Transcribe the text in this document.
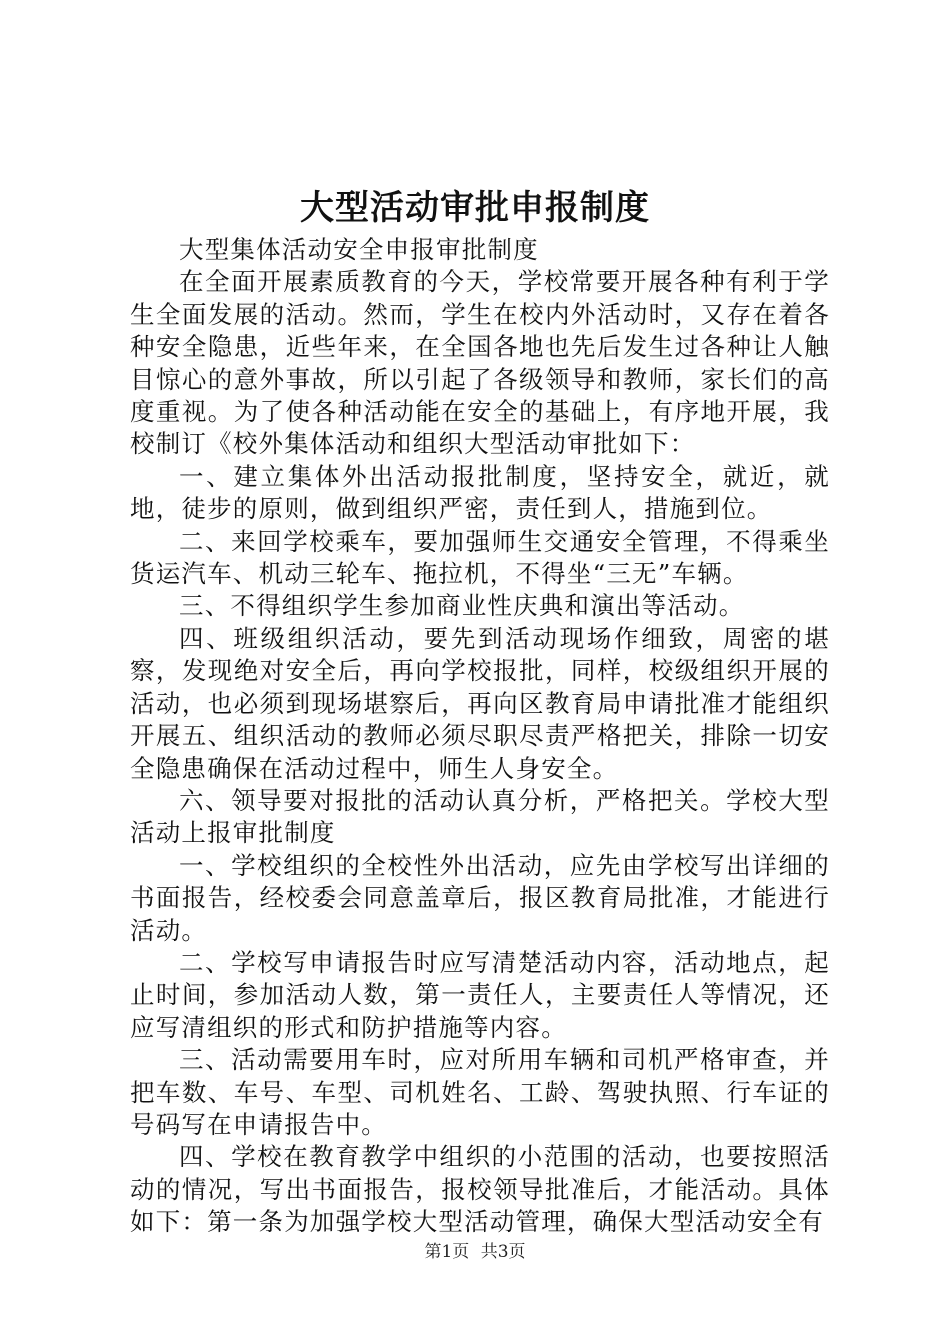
大型活动审批申报制度

大型集体活动安全申报审批制度

在全面开展素质教育的今天，学校常要开展各种有利于学生全面发展的活动。然而，学生在校内外活动时，又存在着各种安全隐患，近些年来，在全国各地也先后发生过各种让人触目惊心的意外事故，所以引起了各级领导和教师，家长们的高度重视。为了使各种活动能在安全的基础上，有序地开展，我校制订《校外集体活动和组织大型活动审批如下：

一、建立集体外出活动报批制度，坚持安全，就近，就地，徒步的原则，做到组织严密，责任到人，措施到位。

二、来回学校乘车，要加强师生交通安全管理，不得乘坐货运汽车、机动三轮车、拖拉机，不得坐“三无”车辆。

三、不得组织学生参加商业性庆典和演出等活动。

四、班级组织活动，要先到活动现场作细致，周密的堪察，发现绝对安全后，再向学校报批，同样，校级组织开展的活动，也必须到现场堪察后，再向区教育局申请批准才能组织开展五、组织活动的教师必须尽职尽责严格把关，排除一切安全隐患确保在活动过程中，师生人身安全。

六、领导要对报批的活动认真分析，严格把关。学校大型活动上报审批制度

一、学校组织的全校性外出活动，应先由学校写出详细的书面报告，经校委会同意盖章后，报区教育局批准，才能进行活动。

二、学校写申请报告时应写清楚活动内容，活动地点，起止时间，参加活动人数，第一责任人，主要责任人等情况，还应写清组织的形式和防护措施等内容。

三、活动需要用车时，应对所用车辆和司机严格审查，并把车数、车号、车型、司机姓名、工龄、驾驶执照、行车证的号码写在申请报告中。

四、学校在教育教学中组织的小范围的活动，也要按照活动的情况，写出书面报告，报校领导批准后，才能活动。具体如下：第一条为加强学校大型活动管理，确保大型活动安全有

第1页 共3页
